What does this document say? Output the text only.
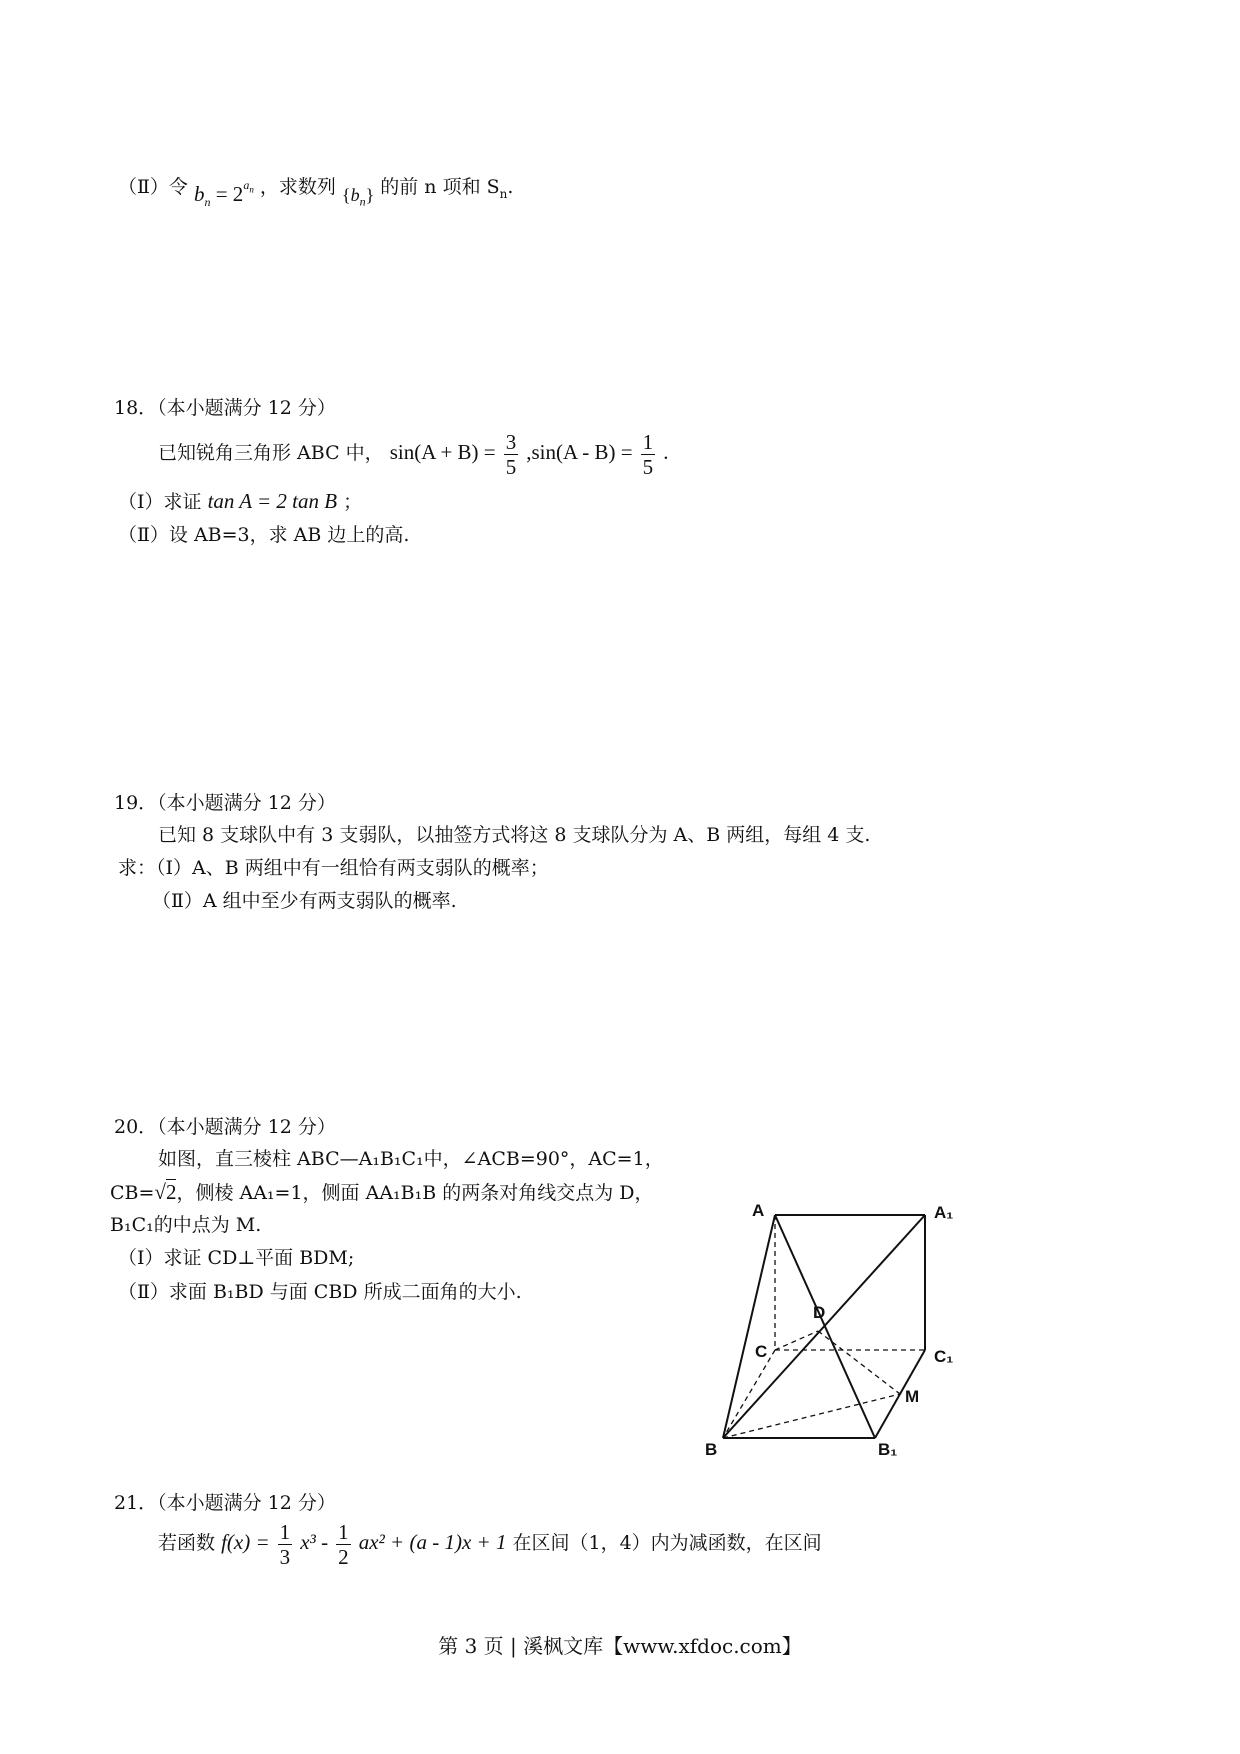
（Ⅱ）令 $b_n = 2^{a_n}$ ，求数列 $\{b_n\}$ 的前 n 项和 $S_n$.
18．（本小题满分 12 分）
已知锐角三角形 ABC 中， $\sin(A + B) = \frac{3}{5} ,\sin(A - B) = \frac{1}{5}$ .
（Ⅰ）求证 tan A = 2 tan B ；
（Ⅱ）设 AB=3，求 AB 边上的高.
19．（本小题满分 12 分）
已知 8 支球队中有 3 支弱队，以抽签方式将这 8 支球队分为 A、B 两组，每组 4 支.
求：（Ⅰ）A、B 两组中有一组恰有两支弱队的概率；
（Ⅱ）A 组中至少有两支弱队的概率.
20．（本小题满分 12 分）
如图，直三棱柱 ABC—A₁B₁C₁中，∠ACB=90°，AC=1，
CB=√2，侧棱 AA₁=1，侧面 AA₁B₁B 的两条对角线交点为 D，
B₁C₁的中点为 M.
（Ⅰ）求证 CD⊥平面 BDM;
（Ⅱ）求面 B₁BD 与面 CBD 所成二面角的大小.
A	A₁
D
C	C₁
M
B	B₁
21．（本小题满分 12 分）
若函数 $f(x) = \frac{1}{3} x^3 - \frac{1}{2} ax^2 + (a - 1)x + 1$ 在区间（1，4）内为减函数，在区间
第 3 页 | 溪枫文库【www.xfdoc.com】
